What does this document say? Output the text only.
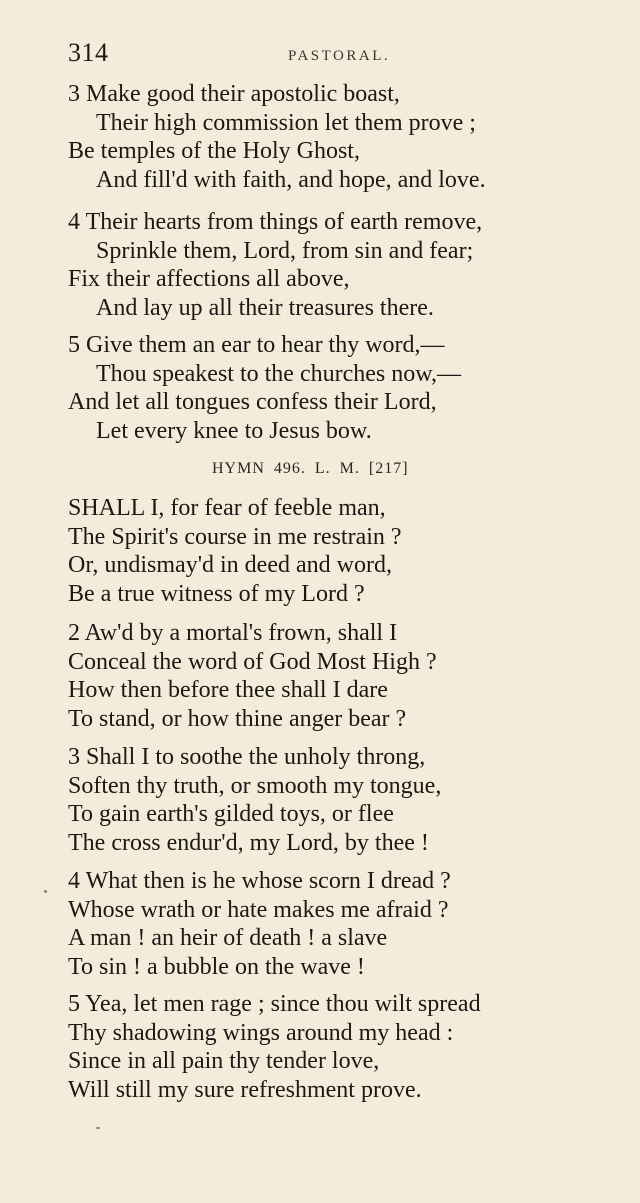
314	PASTORAL.
3 Make good their apostolic boast,
Their high commission let them prove ;
Be temples of the Holy Ghost,
And fill'd with faith, and hope, and love.
4 Their hearts from things of earth remove,
Sprinkle them, Lord, from sin and fear;
Fix their affections all above,
And lay up all their treasures there.
5 Give them an ear to hear thy word,—
Thou speakest to the churches now,—
And let all tongues confess their Lord,
Let every knee to Jesus bow.
HYMN 496. L. M. [217]
SHALL I, for fear of feeble man,
The Spirit's course in me restrain ?
Or, undismay'd in deed and word,
Be a true witness of my Lord ?
2 Aw'd by a mortal's frown, shall I
Conceal the word of God Most High ?
How then before thee shall I dare
To stand, or how thine anger bear ?
3 Shall I to soothe the unholy throng,
Soften thy truth, or smooth my tongue,
To gain earth's gilded toys, or flee
The cross endur'd, my Lord, by thee !
4 What then is he whose scorn I dread ?
Whose wrath or hate makes me afraid ?
A man ! an heir of death ! a slave
To sin ! a bubble on the wave !
5 Yea, let men rage ; since thou wilt spread
Thy shadowing wings around my head :
Since in all pain thy tender love,
Will still my sure refreshment prove.
